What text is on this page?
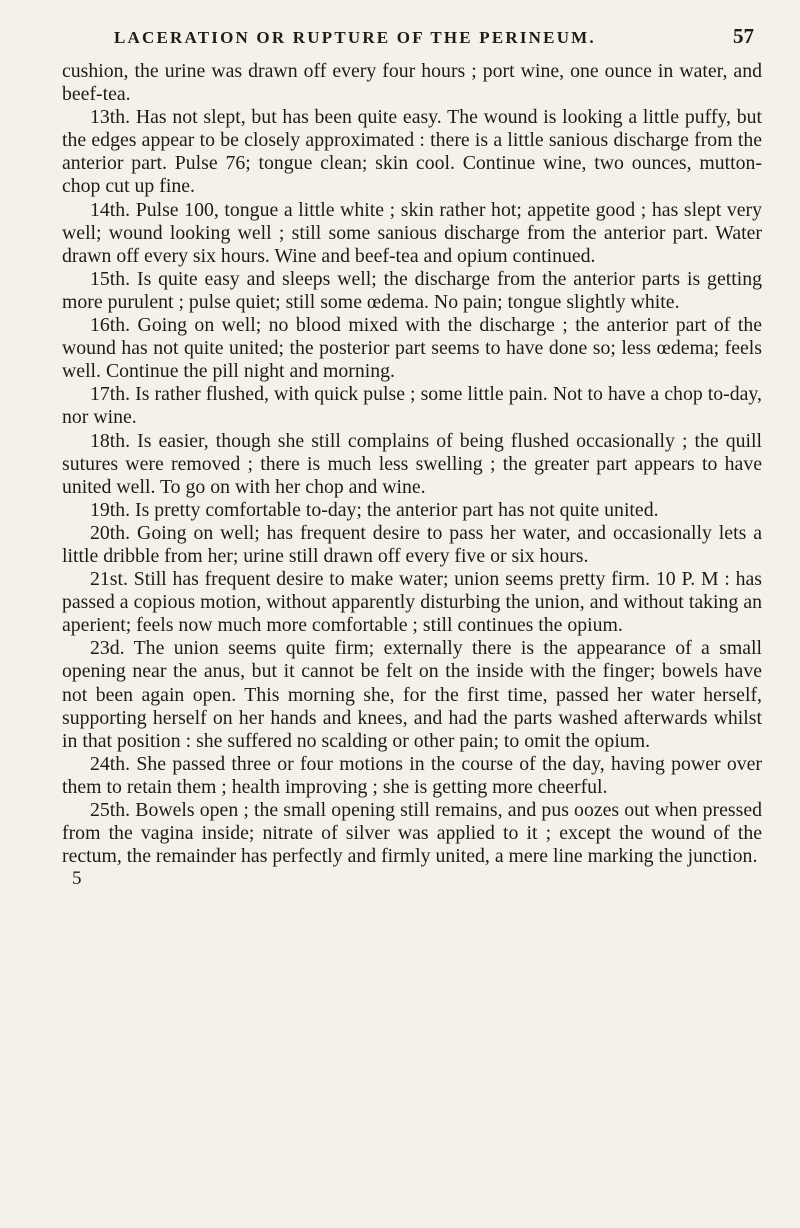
LACERATION OR RUPTURE OF THE PERINEUM.	57

cushion, the urine was drawn off every four hours ; port wine, one ounce in water, and beef-tea.

13th. Has not slept, but has been quite easy. The wound is looking a little puffy, but the edges appear to be closely approximated : there is a little sanious discharge from the anterior part. Pulse 76; tongue clean; skin cool. Continue wine, two ounces, mutton-chop cut up fine.

14th. Pulse 100, tongue a little white ; skin rather hot; appetite good ; has slept very well; wound looking well ; still some sanious discharge from the anterior part. Water drawn off every six hours. Wine and beef-tea and opium continued.

15th. Is quite easy and sleeps well; the discharge from the anterior parts is getting more purulent ; pulse quiet; still some œdema. No pain; tongue slightly white.

16th. Going on well; no blood mixed with the discharge ; the anterior part of the wound has not quite united; the posterior part seems to have done so; less œdema; feels well. Continue the pill night and morning.

17th. Is rather flushed, with quick pulse ; some little pain. Not to have a chop to-day, nor wine.

18th. Is easier, though she still complains of being flushed occasionally ; the quill sutures were removed ; there is much less swelling ; the greater part appears to have united well. To go on with her chop and wine.

19th. Is pretty comfortable to-day; the anterior part has not quite united.

20th. Going on well; has frequent desire to pass her water, and occasionally lets a little dribble from her; urine still drawn off every five or six hours.

21st. Still has frequent desire to make water; union seems pretty firm. 10 P. M : has passed a copious motion, without apparently disturbing the union, and without taking an aperient; feels now much more comfortable ; still continues the opium.

23d. The union seems quite firm; externally there is the appearance of a small opening near the anus, but it cannot be felt on the inside with the finger; bowels have not been again open. This morning she, for the first time, passed her water herself, supporting herself on her hands and knees, and had the parts washed afterwards whilst in that position : she suffered no scalding or other pain; to omit the opium.

24th. She passed three or four motions in the course of the day, having power over them to retain them ; health improving ; she is getting more cheerful.

25th. Bowels open ; the small opening still remains, and pus oozes out when pressed from the vagina inside; nitrate of silver was applied to it ; except the wound of the rectum, the remainder has perfectly and firmly united, a mere line marking the junction.

5
